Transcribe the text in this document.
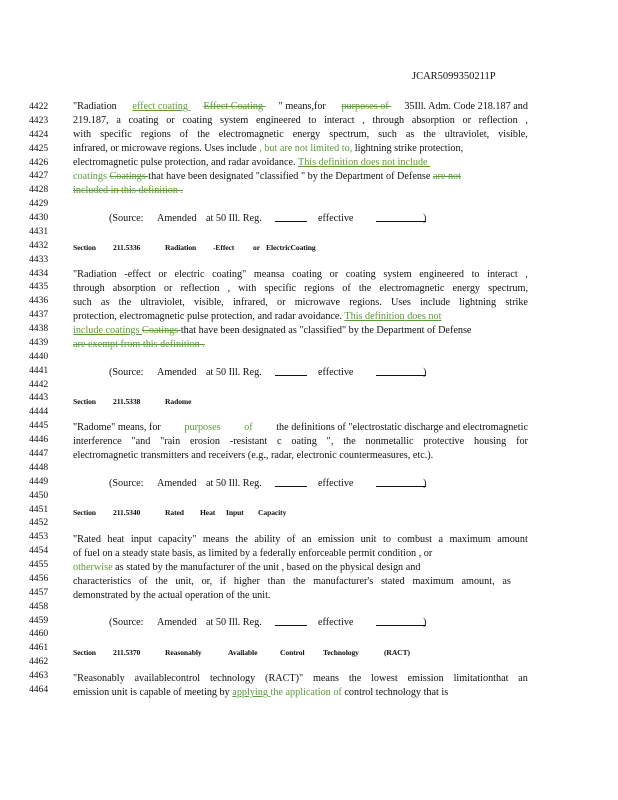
JCAR5099350211P
4422
4423
4424
4425
4426
4427
4428
4429
4430
4431
4432
4433
4434
4435
4436
4437
4438
4439
4440
4441
4442
4443
4444
4445
4446
4447
4448
4449
4450
4451
4452
4453
4454
4455
4456
4457
4458
4459
4460
4461
4462
4463
4464
"Radiation effect coating Effect Coating " means,for purposes of 35Ill. Adm. Code 218.187 and
219.187, a coating or coating system engineered to interact , through absorption or reflection ,
with specific regions of the electromagnetic energy spectrum, such as the ultraviolet, visible,
infrared, or microwave regions. Uses include , but are not limited to, lightning strike protection,
electromagnetic pulse protection, and radar avoidance. This definition does not include
coatings Coatings that have been designated "classified " by the Department of Defense are not
included in this definition .
(Source: Amended at 50 Ill. Reg.	effective	)
Section 211.5336	Radiation -Effect or ElectricCoating
"Radiation -effect or electric coating" meansa coating or coating system engineered to interact ,
through absorption or reflection , with specific regions of the electromagnetic energy spectrum,
such as the ultraviolet, visible, infrared, or microwave regions. Uses include lightning strike
protection, electromagnetic pulse protection, and radar avoidance. This definition does not
include coatings Coatings that have been designated as "classified" by the Department of Defense
are exempt from this definition .
(Source: Amended at 50 Ill. Reg.	effective	)
Section 211.5338	Radome
"Radome" means, for purposes of the definitions of "electrostatic discharge and electromagnetic
interference "and "rain erosion -resistant c oating ", the nonmetallic protective housing for
electromagnetic transmitters and receivers (e.g., radar, electronic countermeasures, etc.).
(Source: Amended at 50 Ill. Reg.	effective	)
Section 211.5340	Rated Heat Input Capacity
"Rated heat input capacity" means the ability of an emission unit to combust a maximum amount
of fuel on a steady state basis, as limited by a federally enforceable permit condition , or
otherwise as stated by the manufacturer of the unit , based on the physical design and
characteristics of the unit, or, if higher than the manufacturer's stated maximum amount, as
demonstrated by the actual operation of the unit.
(Source: Amended at 50 Ill. Reg.	effective	)
Section 211.5370	Reasonably	Available	Control Technology	(RACT)
"Reasonably availablecontrol technology (RACT)" means the lowest emission limitationthat an
emission unit is capable of meeting by applying the application of control technology that is
